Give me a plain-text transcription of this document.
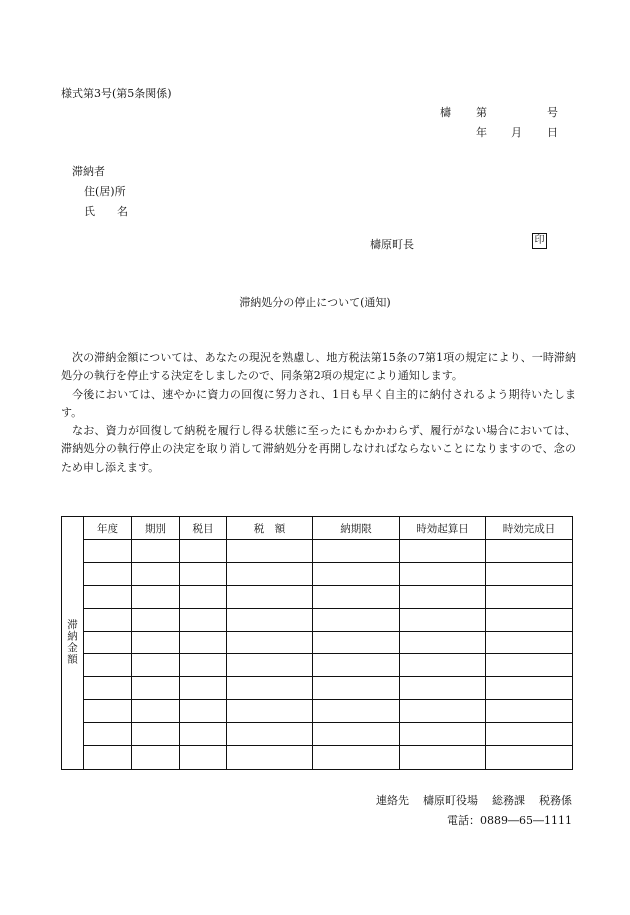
様式第3号(第5条関係)
檮 第	号
年 月 日
滞納者
住(居)所
氏　　名
檮原町長	印
滞納処分の停止について(通知)

次の滞納金額については、あなたの現況を熟慮し、地方税法第15条の7第1項の規定により、一時滞納処分の執行を停止する決定をしましたので、同条第2項の規定により通知します。

今後においては、速やかに資力の回復に努力され、1日も早く自主的に納付されるよう期待いたします。

なお、資力が回復して納税を履行し得る状態に至ったにもかかわらず、履行がない場合においては、滞納処分の執行停止の決定を取り消して滞納処分を再開しなければならないことになりますので、念のため申し添えます。

滞納金額	年度	期別	税目	税　額	納期限	時効起算日	時効完成日

連絡先 檮原町役場 総務課 税務係
電話：0889―65―1111
